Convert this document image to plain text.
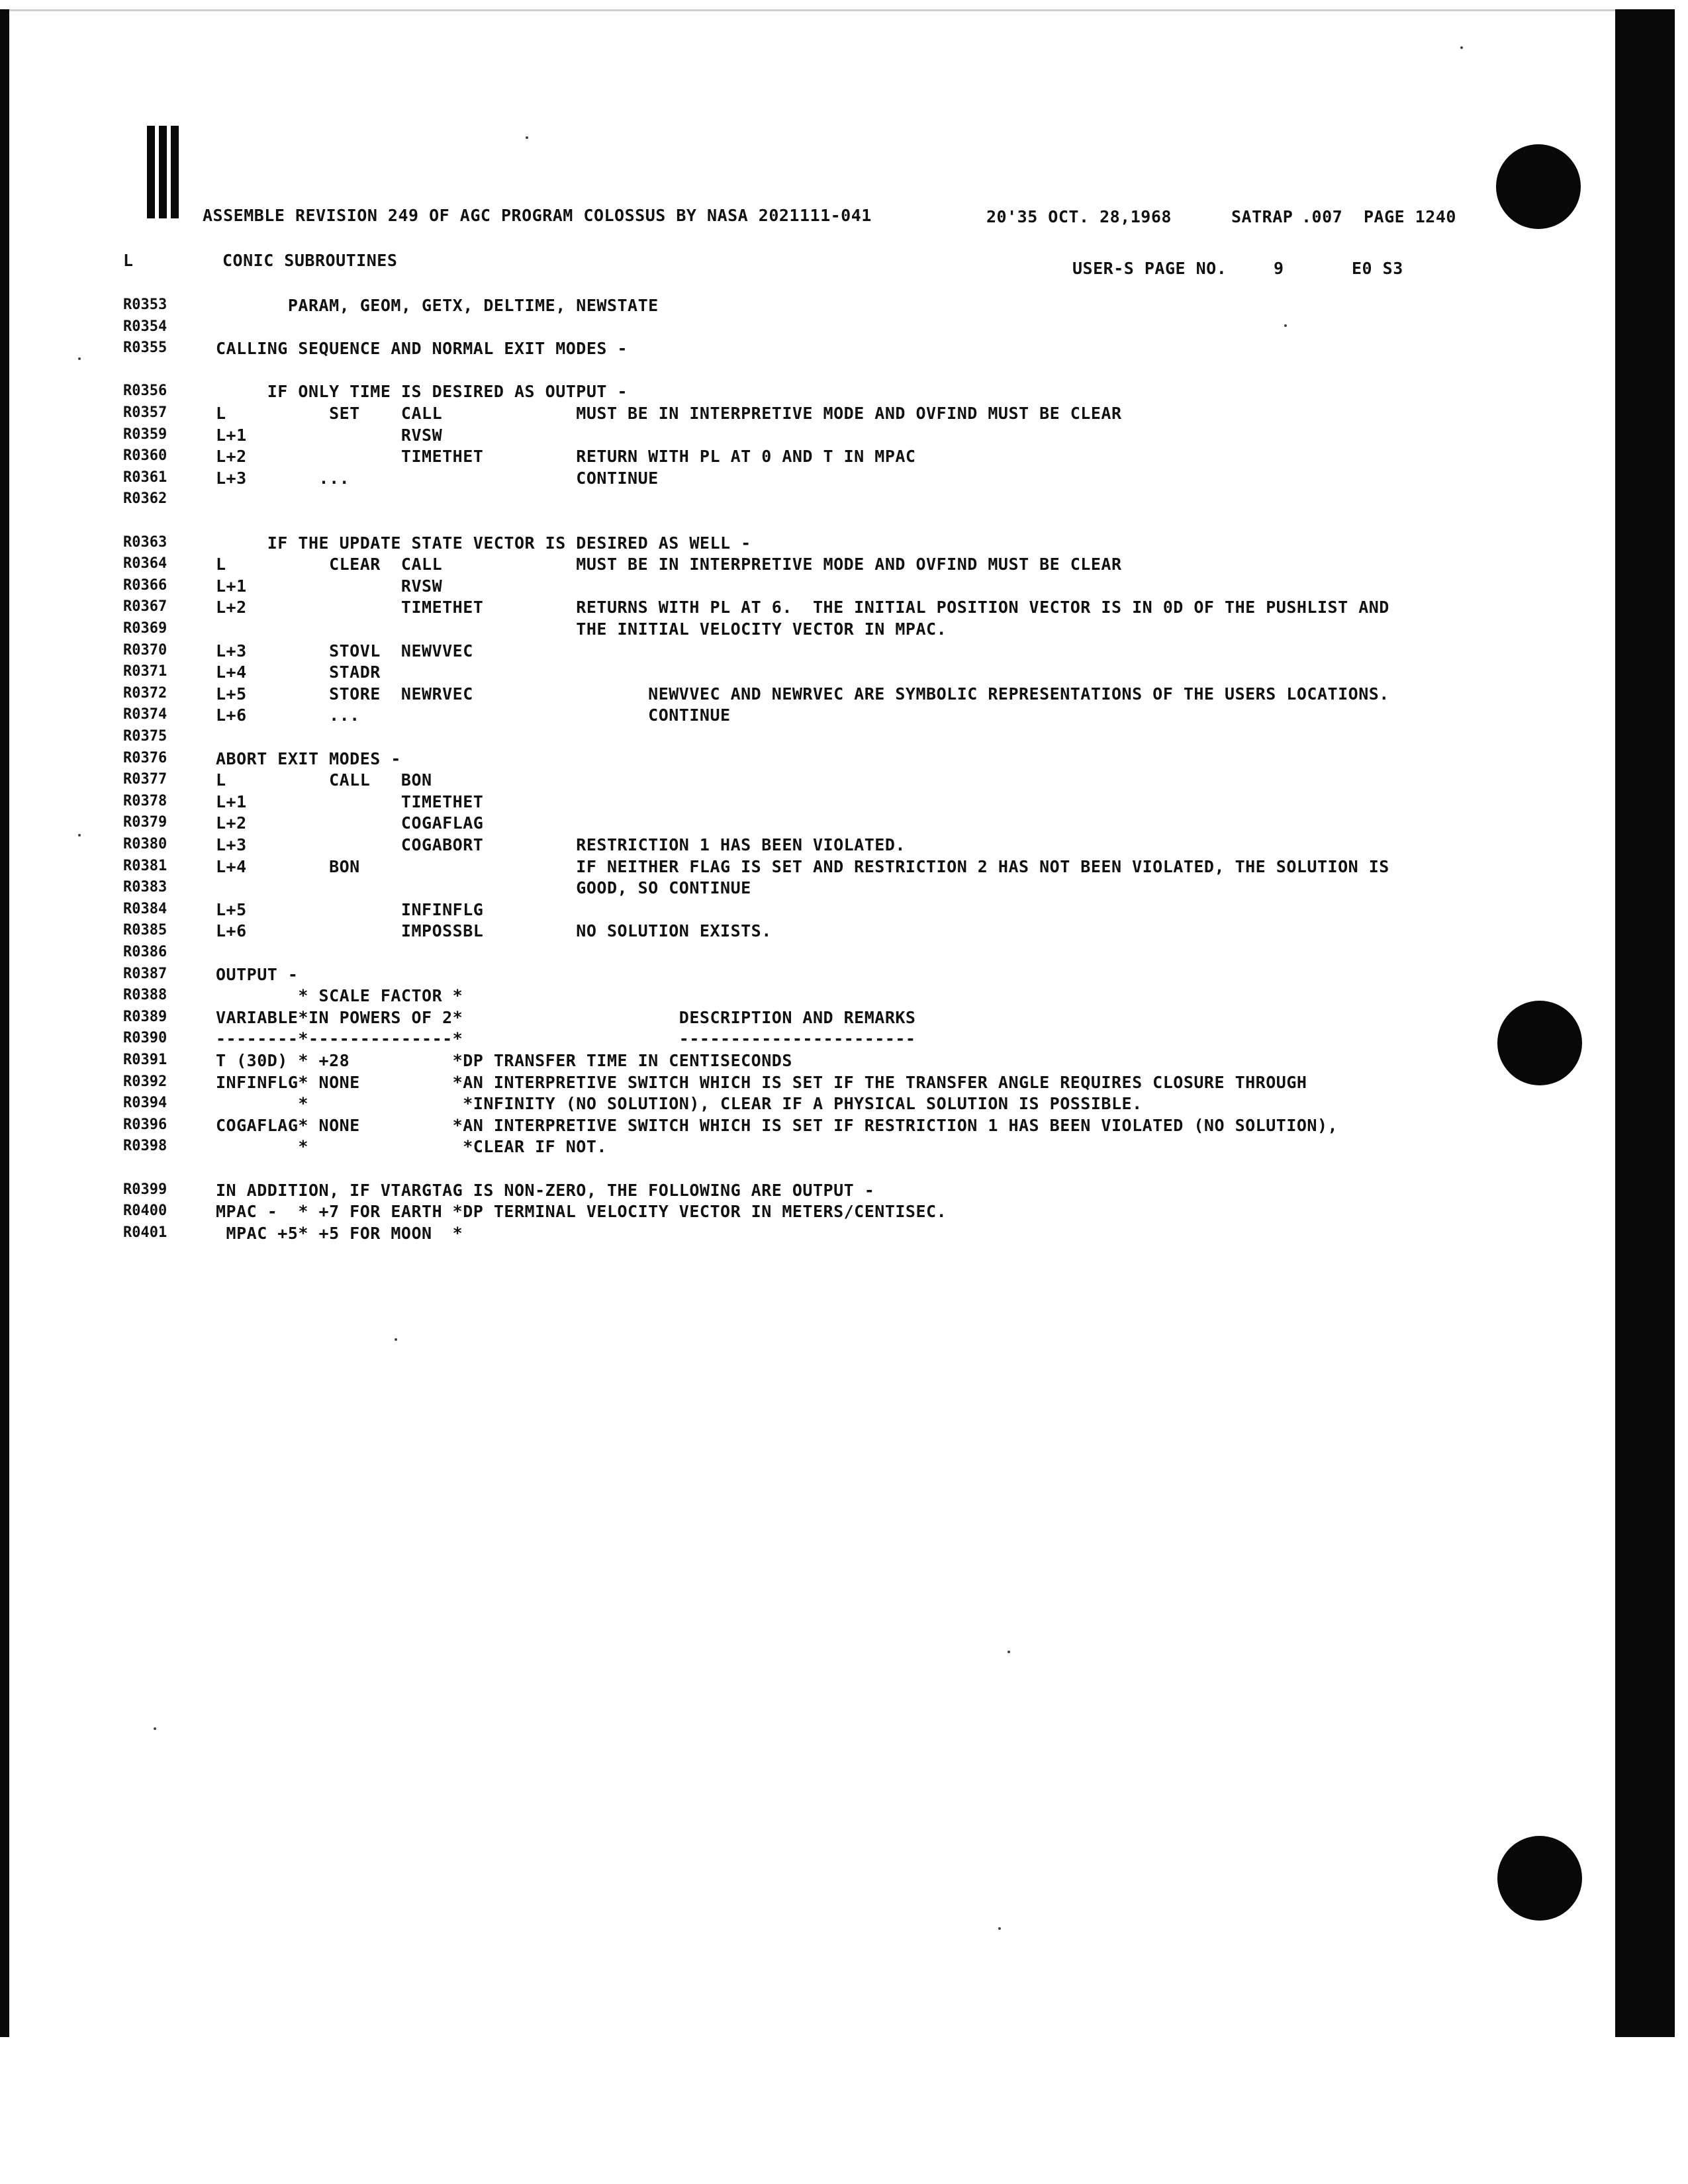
ASSEMBLE REVISION 249 OF AGC PROGRAM COLOSSUS BY NASA 2021111-041	20'35 OCT. 28,1968	SATRAP .007 PAGE 1240
L	CONIC SUBROUTINES	USER-S PAGE NO.	9	E0 S3
R0353	PARAM, GEOM, GETX, DELTIME, NEWSTATE
R0354
R0355	CALLING SEQUENCE AND NORMAL EXIT MODES -
R0356	IF ONLY TIME IS DESIRED AS OUTPUT -
R0357	L          SET    CALL             MUST BE IN INTERPRETIVE MODE AND OVFIND MUST BE CLEAR
R0359	L+1               RVSW
R0360	L+2               TIMETHET         RETURN WITH PL AT 0 AND T IN MPAC
R0361	L+3       ...                      CONTINUE
R0362
R0363	IF THE UPDATE STATE VECTOR IS DESIRED AS WELL -
R0364	L          CLEAR  CALL             MUST BE IN INTERPRETIVE MODE AND OVFIND MUST BE CLEAR
R0366	L+1               RVSW
R0367	L+2               TIMETHET         RETURNS WITH PL AT 6.  THE INITIAL POSITION VECTOR IS IN 0D OF THE PUSHLIST AND
R0369	THE INITIAL VELOCITY VECTOR IN MPAC.
R0370	L+3        STOVL  NEWVVEC
R0371	L+4        STADR
R0372	L+5        STORE  NEWRVEC                 NEWVVEC AND NEWRVEC ARE SYMBOLIC REPRESENTATIONS OF THE USERS LOCATIONS.
R0374	L+6        ...                            CONTINUE
R0375
R0376	ABORT EXIT MODES -
R0377	L          CALL   BON
R0378	L+1               TIMETHET
R0379	L+2               COGAFLAG
R0380	L+3               COGABORT         RESTRICTION 1 HAS BEEN VIOLATED.
R0381	L+4        BON                     IF NEITHER FLAG IS SET AND RESTRICTION 2 HAS NOT BEEN VIOLATED, THE SOLUTION IS
R0383	GOOD, SO CONTINUE
R0384	L+5               INFINFLG
R0385	L+6               IMPOSSBL         NO SOLUTION EXISTS.
R0386
R0387	OUTPUT -
R0388	* SCALE FACTOR *
R0389	VARIABLE*IN POWERS OF 2*                     DESCRIPTION AND REMARKS
R0390	--------*--------------*                     -----------------------
R0391	T (30D) * +28          *DP TRANSFER TIME IN CENTISECONDS
R0392	INFINFLG* NONE         *AN INTERPRETIVE SWITCH WHICH IS SET IF THE TRANSFER ANGLE REQUIRES CLOSURE THROUGH
R0394	*               *INFINITY (NO SOLUTION), CLEAR IF A PHYSICAL SOLUTION IS POSSIBLE.
R0396	COGAFLAG* NONE         *AN INTERPRETIVE SWITCH WHICH IS SET IF RESTRICTION 1 HAS BEEN VIOLATED (NO SOLUTION),
R0398	*               *CLEAR IF NOT.
R0399	IN ADDITION, IF VTARGTAG IS NON-ZERO, THE FOLLOWING ARE OUTPUT -
R0400	MPAC -  * +7 FOR EARTH *DP TERMINAL VELOCITY VECTOR IN METERS/CENTISEC.
R0401	MPAC +5* +5 FOR MOON  *
